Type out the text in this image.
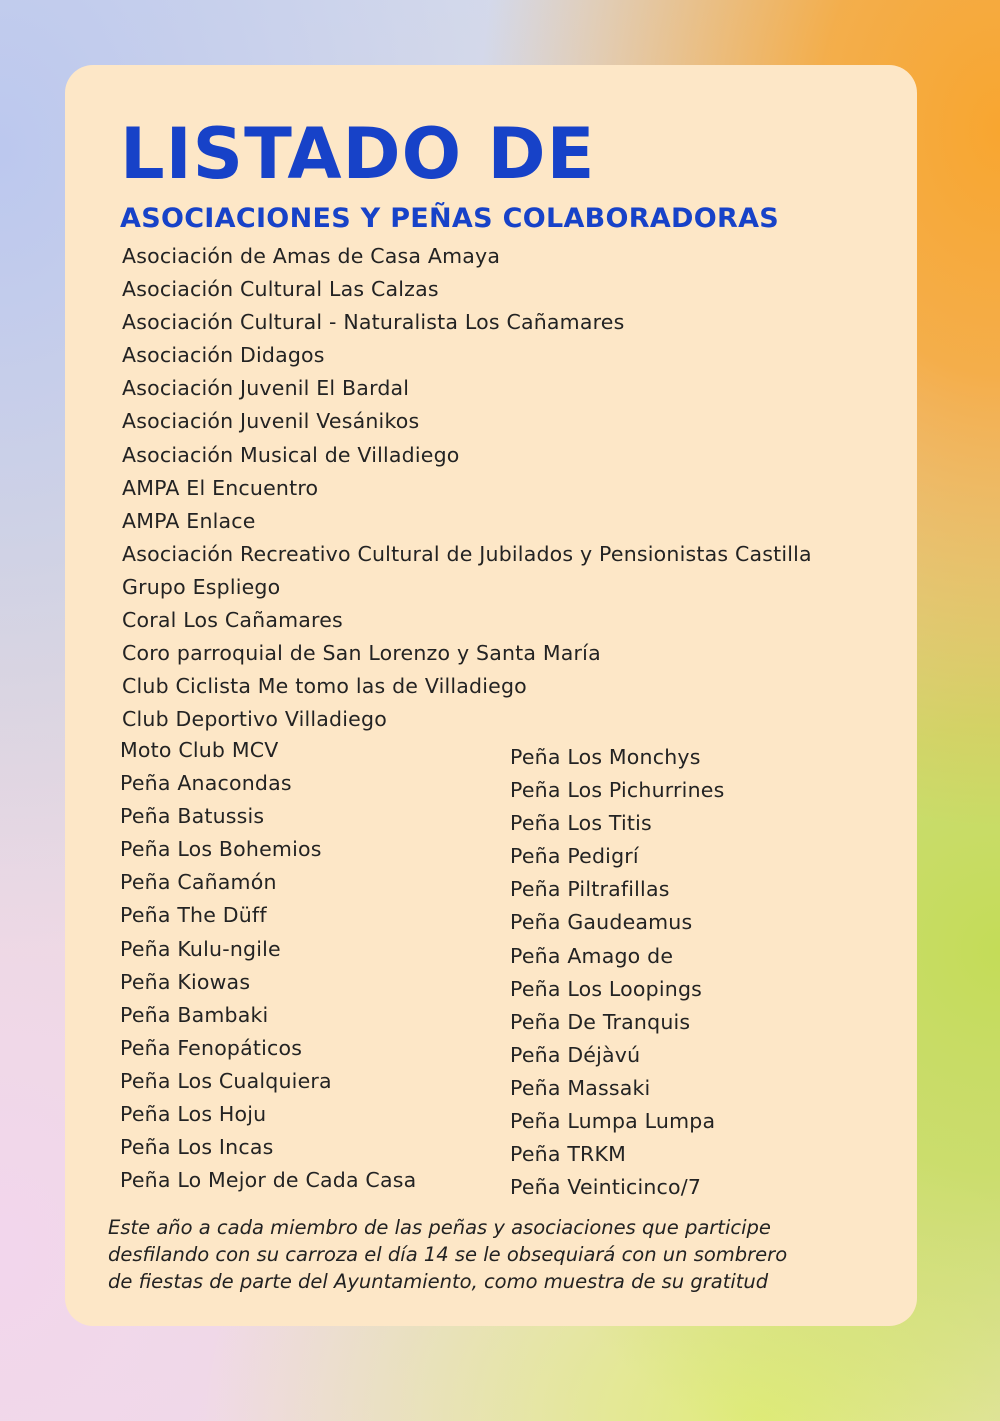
LISTADO DE
ASOCIACIONES Y PEÑAS COLABORADORAS
Asociación de Amas de Casa Amaya
Asociación Cultural Las Calzas
Asociación Cultural - Naturalista Los Cañamares
Asociación Didagos
Asociación Juvenil El Bardal
Asociación Juvenil Vesánikos
Asociación Musical de Villadiego
AMPA El Encuentro
AMPA Enlace
Asociación Recreativo Cultural de Jubilados y Pensionistas Castilla
Grupo Espliego
Coral Los Cañamares
Coro parroquial de San Lorenzo y Santa María
Club Ciclista Me tomo las de Villadiego
Club Deportivo Villadiego
Moto Club MCV
Peña Anacondas
Peña Batussis
Peña Los Bohemios
Peña Cañamón
Peña The Düff
Peña Kulu-ngile
Peña Kiowas
Peña Bambaki
Peña Fenopáticos
Peña Los Cualquiera
Peña Los Hoju
Peña Los Incas
Peña Lo Mejor de Cada Casa
Peña Los Monchys
Peña Los Pichurrines
Peña Los Titis
Peña Pedigrí
Peña Piltrafillas
Peña Gaudeamus
Peña Amago de
Peña Los Loopings
Peña De Tranquis
Peña Déjàvú
Peña Massaki
Peña Lumpa Lumpa
Peña TRKM
Peña Veinticinco/7

Este año a cada miembro de las peñas y asociaciones que participe
desfilando con su carroza el día 14 se le obsequiará con un sombrero
de fiestas de parte del Ayuntamiento, como muestra de su gratitud
